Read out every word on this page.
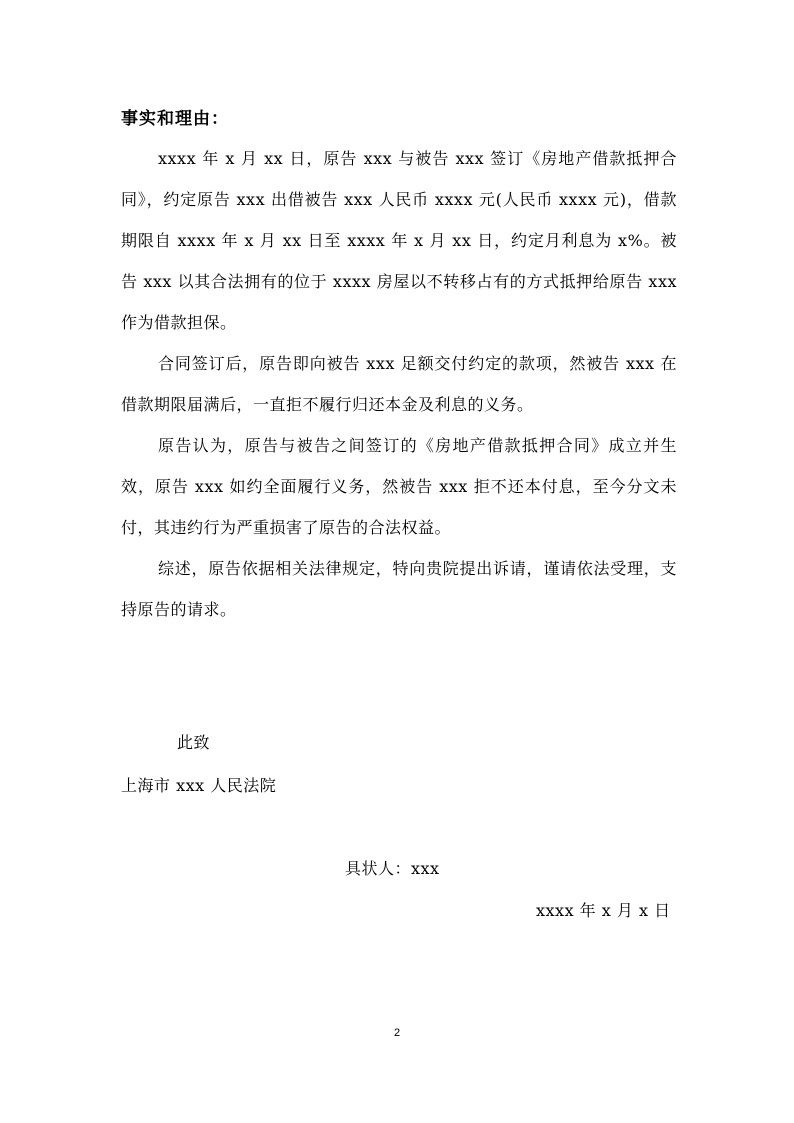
事实和理由：

xxxx 年 x 月 xx 日，原告 xxx 与被告 xxx 签订《房地产借款抵押合同》，约定原告 xxx 出借被告 xxx 人民币 xxxx 元(人民币 xxxx 元)，借款期限自 xxxx 年 x 月 xx 日至 xxxx 年 x 月 xx 日，约定月利息为 x%。被告 xxx 以其合法拥有的位于 xxxx 房屋以不转移占有的方式抵押给原告 xxx 作为借款担保。

合同签订后，原告即向被告 xxx 足额交付约定的款项，然被告 xxx 在借款期限届满后，一直拒不履行归还本金及利息的义务。

原告认为，原告与被告之间签订的《房地产借款抵押合同》成立并生效，原告 xxx 如约全面履行义务，然被告 xxx 拒不还本付息，至今分文未付，其违约行为严重损害了原告的合法权益。

综述，原告依据相关法律规定，特向贵院提出诉请，谨请依法受理，支持原告的请求。

此致
上海市 xxx 人民法院
具状人：xxx
xxxx 年 x 月 x 日
2
